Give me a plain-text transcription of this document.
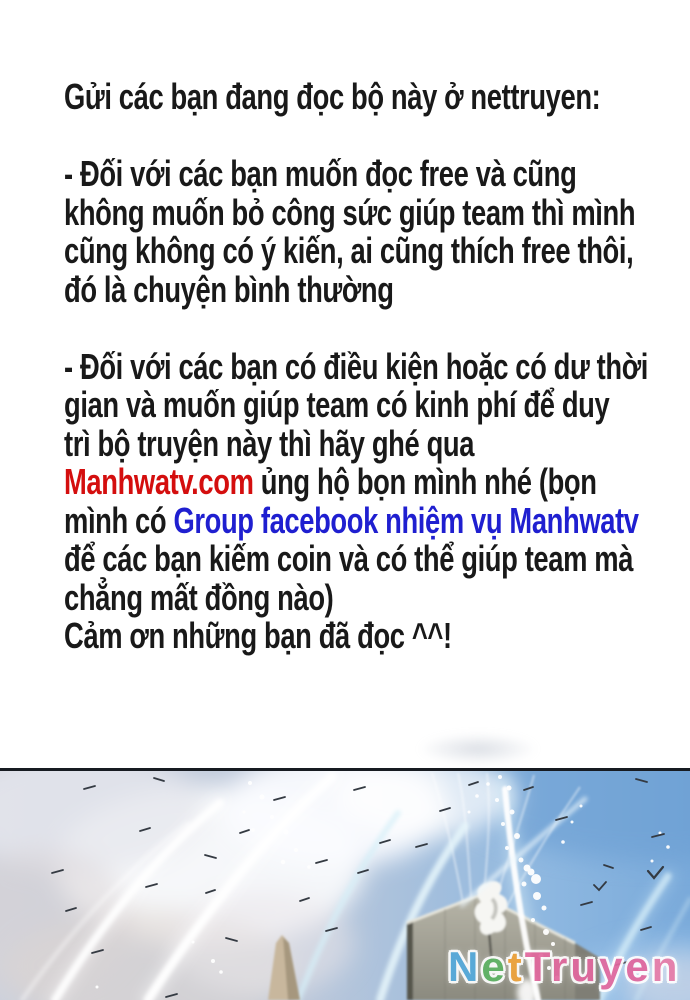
Gửi các bạn đang đọc bộ này ở nettruyen:

- Đối với các bạn muốn đọc free và cũng
không muốn bỏ công sức giúp team thì mình
cũng không có ý kiến, ai cũng thích free thôi,
đó là chuyện bình thường

- Đối với các bạn có điều kiện hoặc có dư thời
gian và muốn giúp team có kinh phí để duy
trì bộ truyện này thì hãy ghé qua
Manhwatv.com ủng hộ bọn mình nhé (bọn
mình có Group facebook nhiệm vụ Manhwatv
để các bạn kiếm coin và có thể giúp team mà
chẳng mất đồng nào)
Cảm ơn những bạn đã đọc ^^!
NetTruyen
